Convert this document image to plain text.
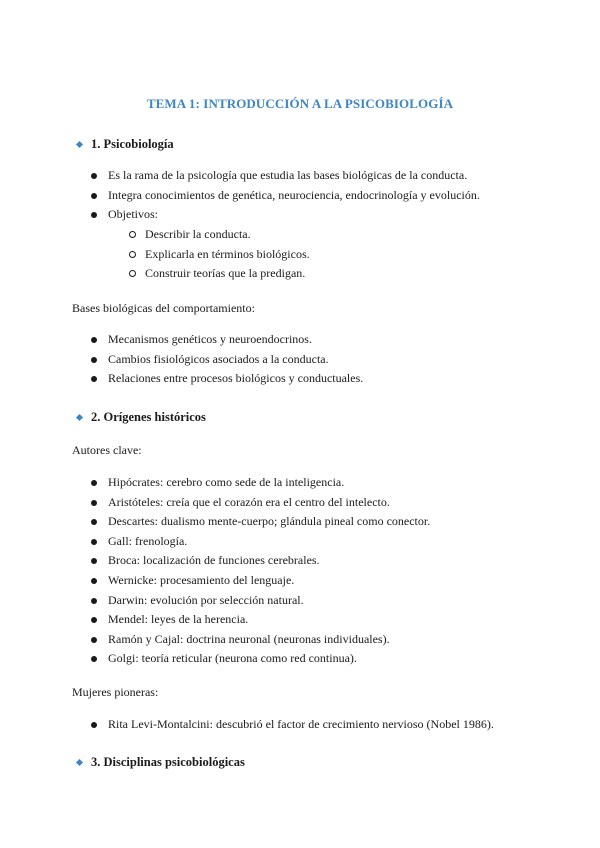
TEMA 1: INTRODUCCIÓN A LA PSICOBIOLOGÍA
1. Psicobiología
Es la rama de la psicología que estudia las bases biológicas de la conducta.
Integra conocimientos de genética, neurociencia, endocrinología y evolución.
Objetivos:
Describir la conducta.
Explicarla en términos biológicos.
Construir teorías que la predigan.
Bases biológicas del comportamiento:
Mecanismos genéticos y neuroendocrinos.
Cambios fisiológicos asociados a la conducta.
Relaciones entre procesos biológicos y conductuales.
2. Orígenes históricos
Autores clave:
Hipócrates: cerebro como sede de la inteligencia.
Aristóteles: creía que el corazón era el centro del intelecto.
Descartes: dualismo mente-cuerpo; glándula pineal como conector.
Gall: frenología.
Broca: localización de funciones cerebrales.
Wernicke: procesamiento del lenguaje.
Darwin: evolución por selección natural.
Mendel: leyes de la herencia.
Ramón y Cajal: doctrina neuronal (neuronas individuales).
Golgi: teoría reticular (neurona como red continua).
Mujeres pioneras:
Rita Levi-Montalcini: descubrió el factor de crecimiento nervioso (Nobel 1986).
3. Disciplinas psicobiológicas
